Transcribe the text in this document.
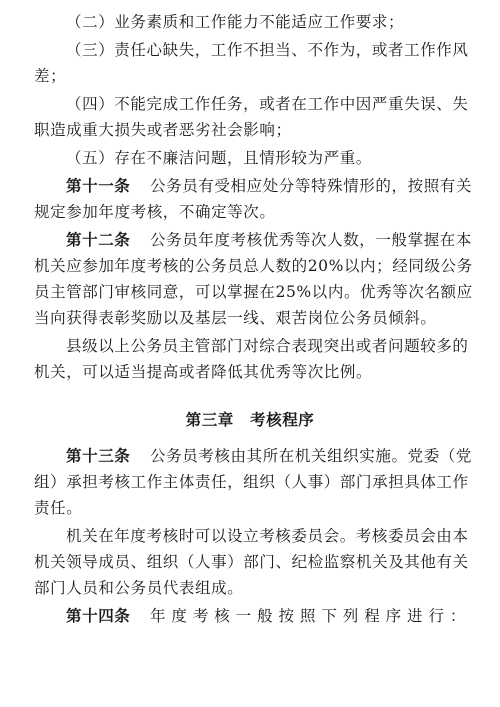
（二）业务素质和工作能力不能适应工作要求；
（三）责任心缺失，工作不担当、不作为，或者工作作风
差；
（四）不能完成工作任务，或者在工作中因严重失误、失
职造成重大损失或者恶劣社会影响；
（五）存在不廉洁问题，且情形较为严重。
第十一条	公务员有受相应处分等特殊情形的，按照有关
规定参加年度考核，不确定等次。
第十二条	公务员年度考核优秀等次人数，一般掌握在本
机关应参加年度考核的公务员总人数的20%以内；经同级公务
员主管部门审核同意，可以掌握在25%以内。优秀等次名额应
当向获得表彰奖励以及基层一线、艰苦岗位公务员倾斜。
县级以上公务员主管部门对综合表现突出或者问题较多的
机关，可以适当提高或者降低其优秀等次比例。
第三章　考核程序
第十三条	公务员考核由其所在机关组织实施。党委（党
组）承担考核工作主体责任，组织（人事）部门承担具体工作
责任。
机关在年度考核时可以设立考核委员会。考核委员会由本
机关领导成员、组织（人事）部门、纪检监察机关及其他有关
部门人员和公务员代表组成。
第十四条	年度考核一般按照下列程序进行：
